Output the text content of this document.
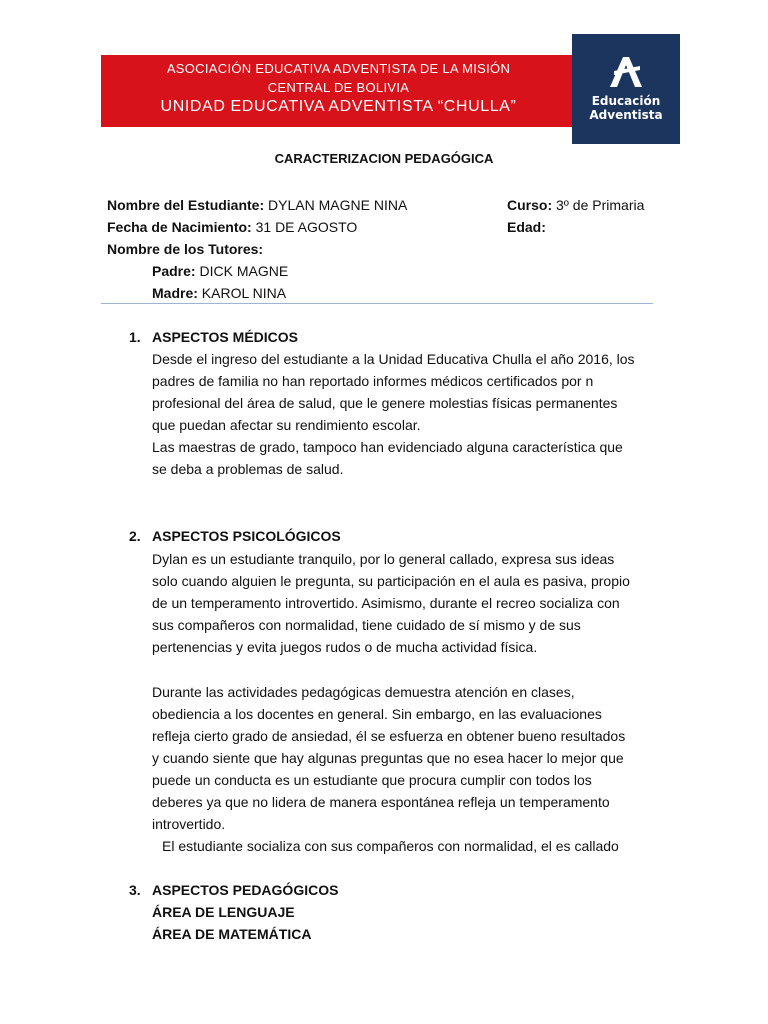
ASOCIACIÓN EDUCATIVA ADVENTISTA DE LA MISIÓN
CENTRAL DE BOLIVIA
UNIDAD EDUCATIVA ADVENTISTA “CHULLA”	Educación
Adventista
CARACTERIZACION PEDAGÓGICA
Nombre del Estudiante: DYLAN MAGNE NINA
Fecha de Nacimiento: 31 DE AGOSTO
Nombre de los Tutores:
Padre: DICK MAGNE
Madre: KAROL NINA
Curso: 3º de Primaria
Edad:
1. ASPECTOS MÉDICOS

Desde el ingreso del estudiante a la Unidad Educativa Chulla el año 2016, los

padres de familia no han reportado informes médicos certificados por n

profesional del área de salud, que le genere molestias físicas permanentes

que puedan afectar su rendimiento escolar.

Las maestras de grado, tampoco han evidenciado alguna característica que

se deba a problemas de salud.

2. ASPECTOS PSICOLÓGICOS

Dylan es un estudiante tranquilo, por lo general callado, expresa sus ideas

solo cuando alguien le pregunta, su participación en el aula es pasiva, propio

de un temperamento introvertido. Asimismo, durante el recreo socializa con

sus compañeros con normalidad, tiene cuidado de sí mismo y de sus

pertenencias y evita juegos rudos o de mucha actividad física.

Durante las actividades pedagógicas demuestra atención en clases,

obediencia a los docentes en general. Sin embargo, en las evaluaciones

refleja cierto grado de ansiedad, él se esfuerza en obtener bueno resultados

y cuando siente que hay algunas preguntas que no esea hacer lo mejor que

puede un conducta es un estudiante que procura cumplir con todos los

deberes ya que no lidera de manera espontánea refleja un temperamento

introvertido.

El estudiante socializa con sus compañeros con normalidad, el es callado

3. ASPECTOS PEDAGÓGICOS
ÁREA DE LENGUAJE
ÁREA DE MATEMÁTICA
